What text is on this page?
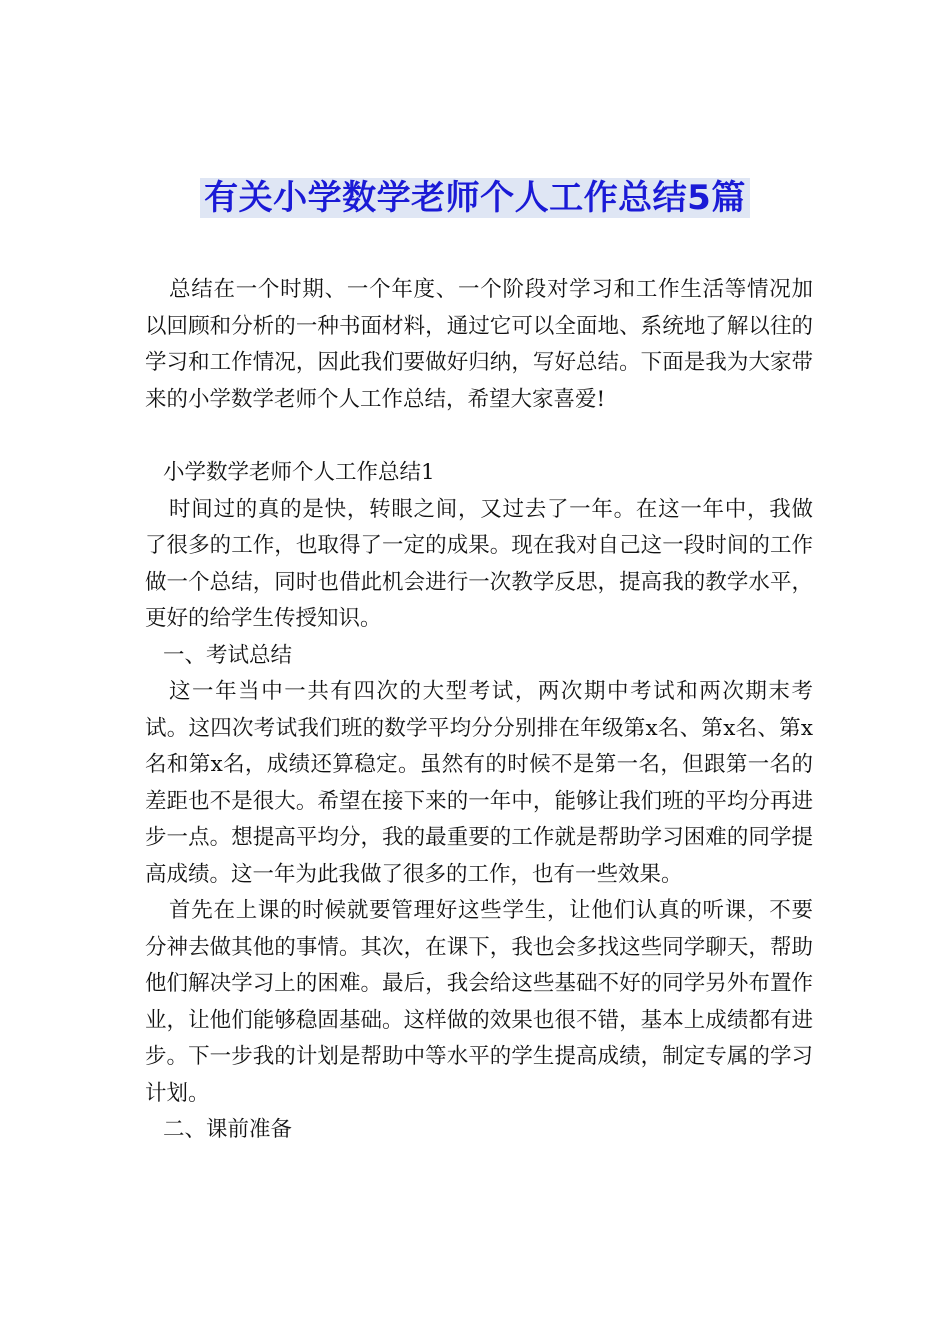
有关小学数学老师个人工作总结5篇

总结在一个时期、一个年度、一个阶段对学习和工作生活等情况加以回顾和分析的一种书面材料，通过它可以全面地、系统地了解以往的学习和工作情况，因此我们要做好归纳，写好总结。下面是我为大家带来的小学数学老师个人工作总结，希望大家喜爱!

小学数学老师个人工作总结1

时间过的真的是快，转眼之间，又过去了一年。在这一年中，我做了很多的工作，也取得了一定的成果。现在我对自己这一段时间的工作做一个总结，同时也借此机会进行一次教学反思，提高我的教学水平，更好的给学生传授知识。

一、考试总结

这一年当中一共有四次的大型考试，两次期中考试和两次期末考试。这四次考试我们班的数学平均分分别排在年级第x名、第x名、第x名和第x名，成绩还算稳定。虽然有的时候不是第一名，但跟第一名的差距也不是很大。希望在接下来的一年中，能够让我们班的平均分再进步一点。想提高平均分，我的最重要的工作就是帮助学习困难的同学提高成绩。这一年为此我做了很多的工作，也有一些效果。

首先在上课的时候就要管理好这些学生，让他们认真的听课，不要分神去做其他的事情。其次，在课下，我也会多找这些同学聊天，帮助他们解决学习上的困难。最后，我会给这些基础不好的同学另外布置作业，让他们能够稳固基础。这样做的效果也很不错，基本上成绩都有进步。下一步我的计划是帮助中等水平的学生提高成绩，制定专属的学习计划。

二、课前准备
